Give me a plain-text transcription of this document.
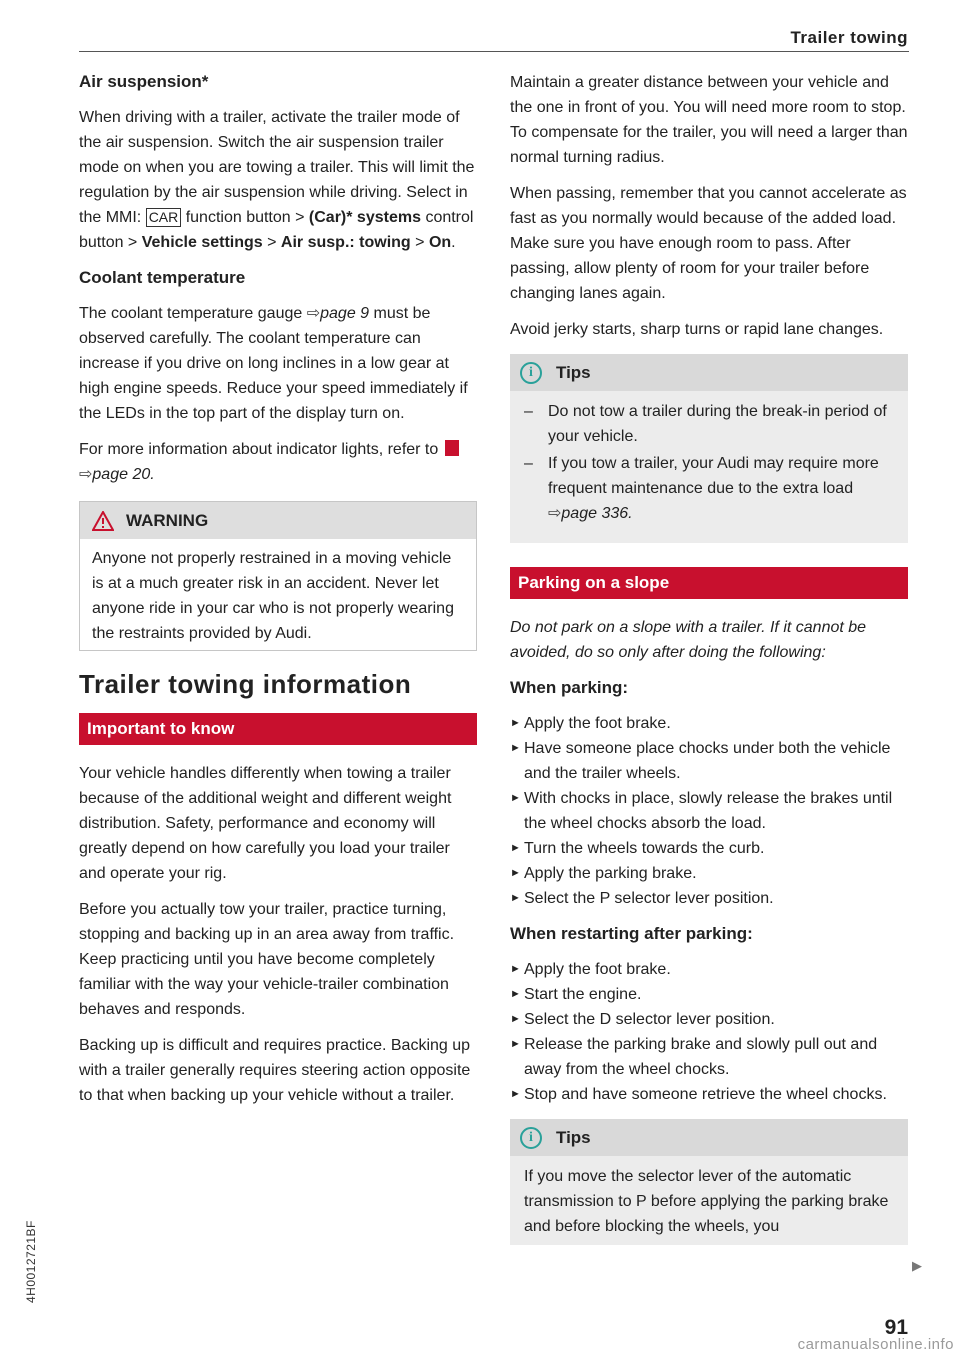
Trailer towing
Air suspension*

When driving with a trailer, activate the trailer mode of the air suspension. Switch the air suspension trailer mode on when you are towing a trailer. This will limit the regulation by the air suspension while driving. Select in the MMI: CAR function button > (Car)* systems control button > Vehicle settings > Air susp.: towing > On.

Coolant temperature

The coolant temperature gauge ⇨page 9 must be observed carefully. The coolant temperature can increase if you drive on long inclines in a low gear at high engine speeds. Reduce your speed immediately if the LEDs in the top part of the display turn on.

For more information about indicator lights, refer to  ⇨page 20.

WARNING
Anyone not properly restrained in a moving vehicle is at a much greater risk in an accident. Never let anyone ride in your car who is not properly wearing the restraints provided by Audi.
Trailer towing information
Important to know

Your vehicle handles differently when towing a trailer because of the additional weight and different weight distribution. Safety, performance and economy will greatly depend on how carefully you load your trailer and operate your rig.

Before you actually tow your trailer, practice turning, stopping and backing up in an area away from traffic. Keep practicing until you have become completely familiar with the way your vehicle-trailer combination behaves and responds.

Backing up is difficult and requires practice. Backing up with a trailer generally requires steering action opposite to that when backing up your vehicle without a trailer.

Maintain a greater distance between your vehicle and the one in front of you. You will need more room to stop. To compensate for the trailer, you will need a larger than normal turning radius.

When passing, remember that you cannot accelerate as fast as you normally would because of the added load. Make sure you have enough room to pass. After passing, allow plenty of room for your trailer before changing lanes again.

Avoid jerky starts, sharp turns or rapid lane changes.

i	Tips
– Do not tow a trailer during the break-in period of your vehicle.
– If you tow a trailer, your Audi may require more frequent maintenance due to the extra load ⇨page 336.
Parking on a slope

Do not park on a slope with a trailer. If it cannot be avoided, do so only after doing the following:

When parking:
► Apply the foot brake.
► Have someone place chocks under both the vehicle and the trailer wheels.
► With chocks in place, slowly release the brakes until the wheel chocks absorb the load.
► Turn the wheels towards the curb.
► Apply the parking brake.
► Select the P selector lever position.
When restarting after parking:
► Apply the foot brake.
► Start the engine.
► Select the D selector lever position.
► Release the parking brake and slowly pull out and away from the wheel chocks.
► Stop and have someone retrieve the wheel chocks.
i	Tips
If you move the selector lever of the automatic transmission to P before applying the parking brake and before blocking the wheels, you
▶
91
4H0012721BF
carmanualsonline.info
